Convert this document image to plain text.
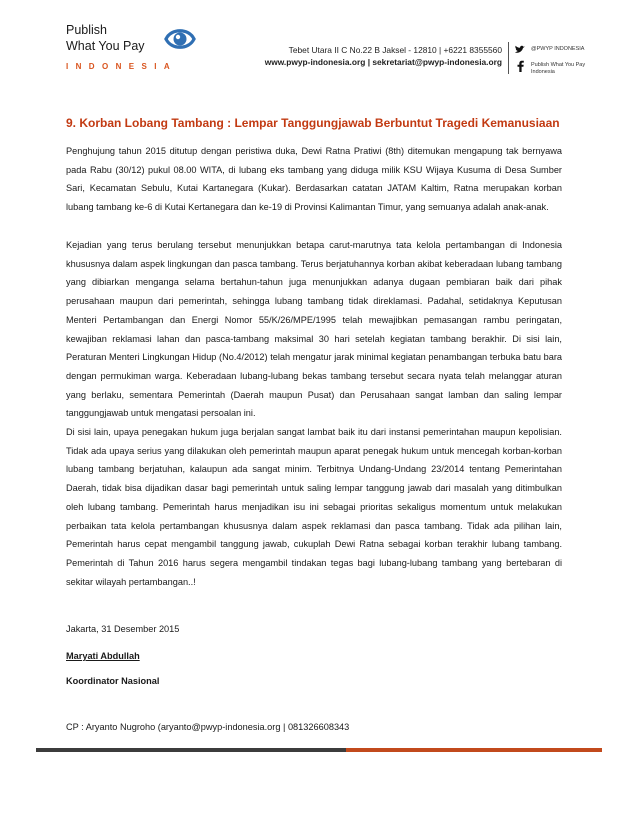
Publish
What You Pay
INDONESIA
Tebet Utara II C No.22 B Jaksel - 12810 | +6221 8355560
www.pwyp-indonesia.org | sekretariat@pwyp-indonesia.org
@PWYP INDONESIA
Publish What You Pay
Indonesia
9. Korban Lobang Tambang : Lempar Tanggungjawab Berbuntut Tragedi Kemanusiaan
Penghujung tahun 2015 ditutup dengan peristiwa duka, Dewi Ratna Pratiwi (8th) ditemukan mengapung tak bernyawa pada Rabu (30/12) pukul 08.00 WITA, di lubang eks tambang yang diduga milik KSU Wijaya Kusuma di Desa Sumber Sari, Kecamatan Sebulu, Kutai Kartanegara (Kukar). Berdasarkan catatan JATAM Kaltim, Ratna merupakan korban lubang tambang ke-6 di Kutai Kertanegara dan ke-19 di Provinsi Kalimantan Timur, yang semuanya adalah anak-anak.
Kejadian yang terus berulang tersebut menunjukkan betapa carut-marutnya tata kelola pertambangan di Indonesia khususnya dalam aspek lingkungan dan pasca tambang. Terus berjatuhannya korban akibat keberadaan lubang tambang yang dibiarkan menganga selama bertahun-tahun juga menunjukkan adanya dugaan pembiaran baik dari pihak perusahaan maupun dari pemerintah, sehingga lubang tambang tidak direklamasi. Padahal, setidaknya Keputusan Menteri Pertambangan dan Energi Nomor 55/K/26/MPE/1995 telah mewajibkan pemasangan rambu peringatan, kewajiban reklamasi lahan dan pasca-tambang maksimal 30 hari setelah kegiatan tambang berakhir. Di sisi lain, Peraturan Menteri Lingkungan Hidup (No.4/2012) telah mengatur jarak minimal kegiatan penambangan terbuka batu bara dengan permukiman warga. Keberadaan lubang-lubang bekas tambang tersebut secara nyata telah melanggar aturan yang berlaku, sementara Pemerintah (Daerah maupun Pusat) dan Perusahaan sangat lamban dan saling lempar tanggungjawab untuk mengatasi persoalan ini.
Di sisi lain, upaya penegakan hukum juga berjalan sangat lambat baik itu dari instansi pemerintahan maupun kepolisian. Tidak ada upaya serius yang dilakukan oleh pemerintah maupun aparat penegak hukum untuk mencegah korban-korban lubang tambang berjatuhan, kalaupun ada sangat minim. Terbitnya Undang-Undang 23/2014 tentang Pemerintahan Daerah, tidak bisa dijadikan dasar bagi pemerintah untuk saling lempar tanggung jawab dari masalah yang ditimbulkan oleh lubang tambang. Pemerintah harus menjadikan isu ini sebagai prioritas sekaligus momentum untuk melakukan perbaikan tata kelola pertambangan khususnya dalam aspek reklamasi dan pasca tambang. Tidak ada pilihan lain, Pemerintah harus cepat mengambil tanggung jawab, cukuplah Dewi Ratna sebagai korban terakhir lubang tambang. Pemerintah di Tahun 2016 harus segera mengambil tindakan tegas bagi lubang-lubang tambang yang bertebaran di sekitar wilayah pertambangan..!
Jakarta, 31 Desember 2015
Maryati Abdullah
Koordinator Nasional
CP : Aryanto Nugroho (aryanto@pwyp-indonesia.org | 081326608343
